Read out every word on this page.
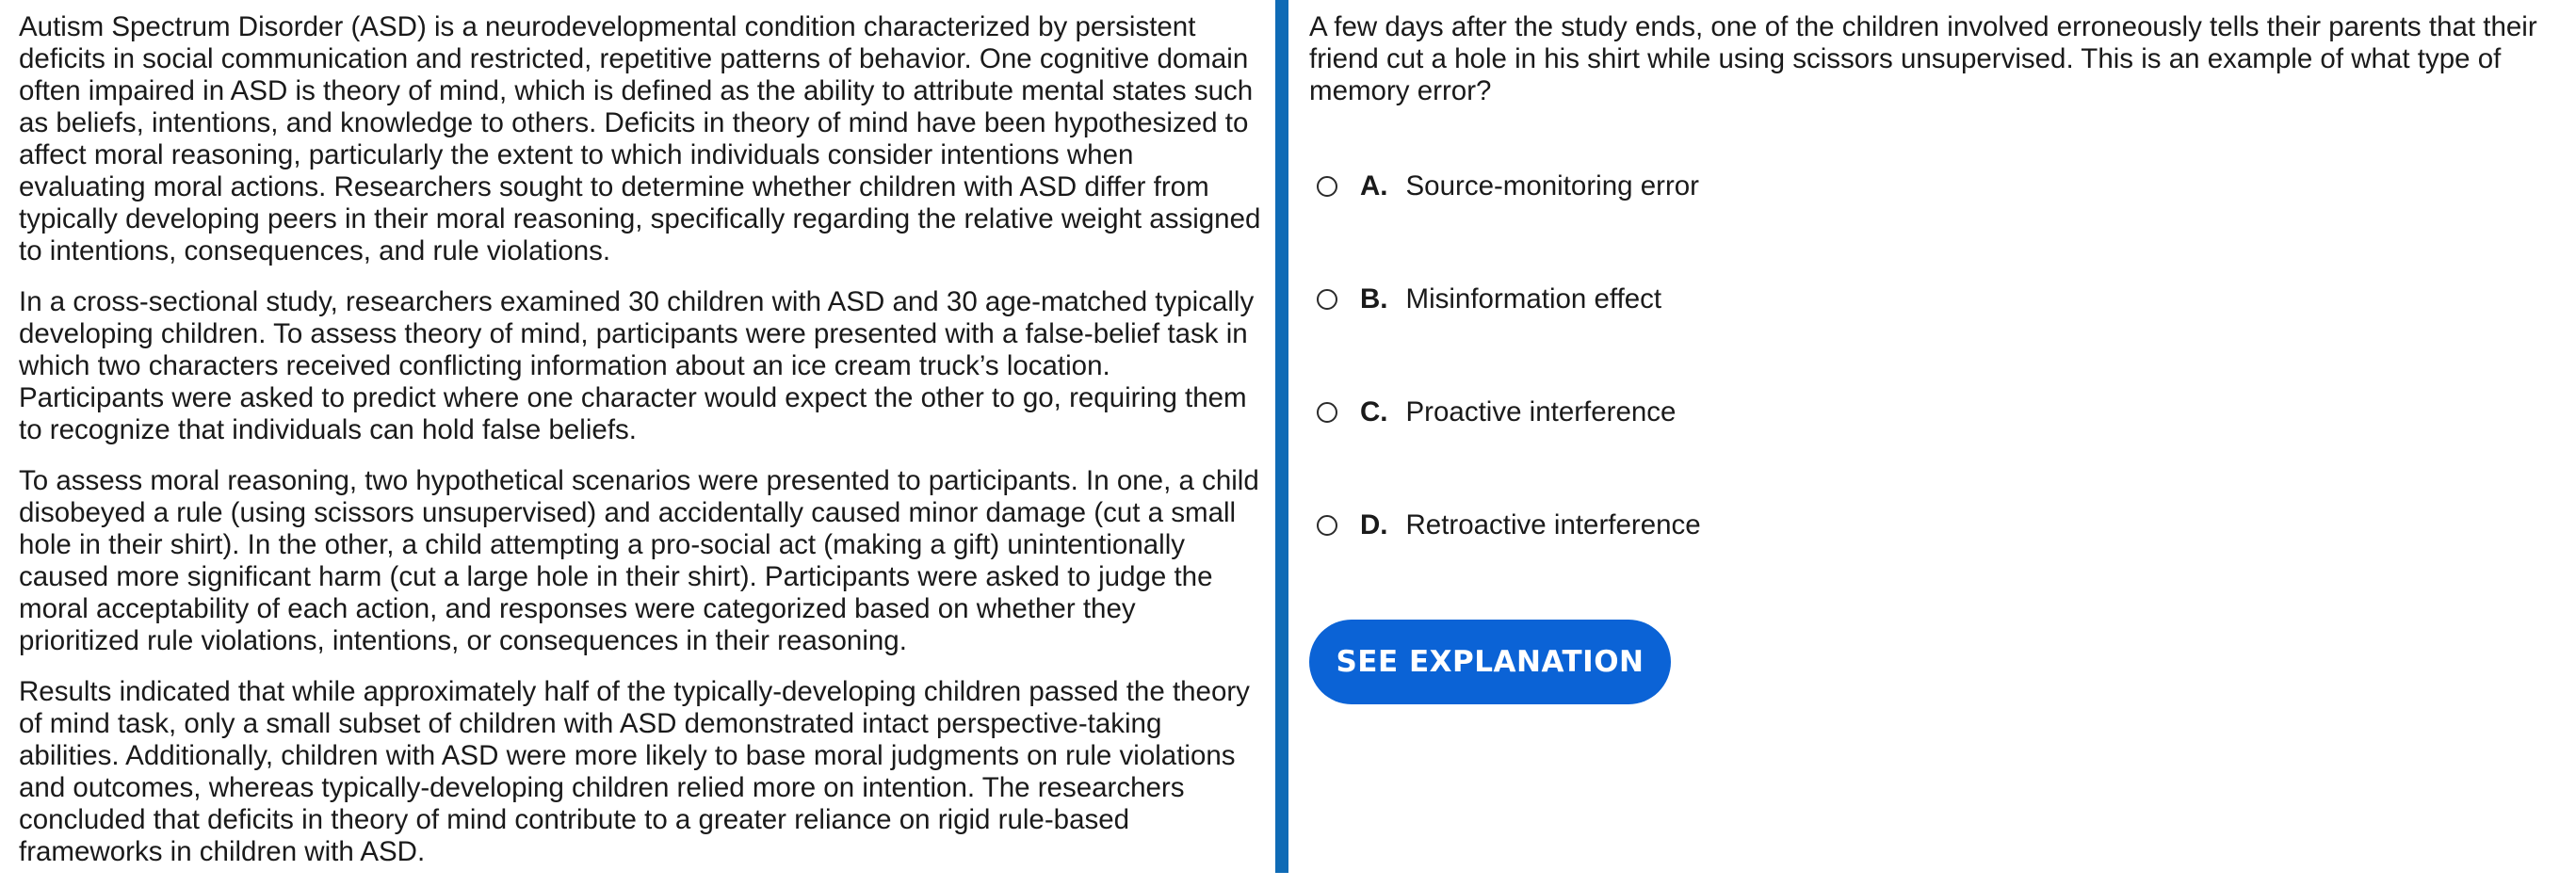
Autism Spectrum Disorder (ASD) is a neurodevelopmental condition characterized by persistent deficits in social communication and restricted, repetitive patterns of behavior. One cognitive domain often impaired in ASD is theory of mind, which is defined as the ability to attribute mental states such as beliefs, intentions, and knowledge to others. Deficits in theory of mind have been hypothesized to affect moral reasoning, particularly the extent to which individuals consider intentions when evaluating moral actions. Researchers sought to determine whether children with ASD differ from typically developing peers in their moral reasoning, specifically regarding the relative weight assigned to intentions, consequences, and rule violations.

In a cross-sectional study, researchers examined 30 children with ASD and 30 age-matched typically developing children. To assess theory of mind, participants were presented with a false-belief task in which two characters received conflicting information about an ice cream truck’s location. Participants were asked to predict where one character would expect the other to go, requiring them to recognize that individuals can hold false beliefs.

To assess moral reasoning, two hypothetical scenarios were presented to participants. In one, a child disobeyed a rule (using scissors unsupervised) and accidentally caused minor damage (cut a small hole in their shirt). In the other, a child attempting a pro-social act (making a gift) unintentionally caused more significant harm (cut a large hole in their shirt). Participants were asked to judge the moral acceptability of each action, and responses were categorized based on whether they prioritized rule violations, intentions, or consequences in their reasoning.

Results indicated that while approximately half of the typically-developing children passed the theory of mind task, only a small subset of children with ASD demonstrated intact perspective-taking abilities. Additionally, children with ASD were more likely to base moral judgments on rule violations and outcomes, whereas typically-developing children relied more on intention. The researchers concluded that deficits in theory of mind contribute to a greater reliance on rigid rule-based frameworks in children with ASD.

A few days after the study ends, one of the children involved erroneously tells their parents that their friend cut a hole in his shirt while using scissors unsupervised. This is an example of what type of memory error?

A. Source-monitoring error
B. Misinformation effect
C. Proactive interference
D. Retroactive interference
SEE EXPLANATION
